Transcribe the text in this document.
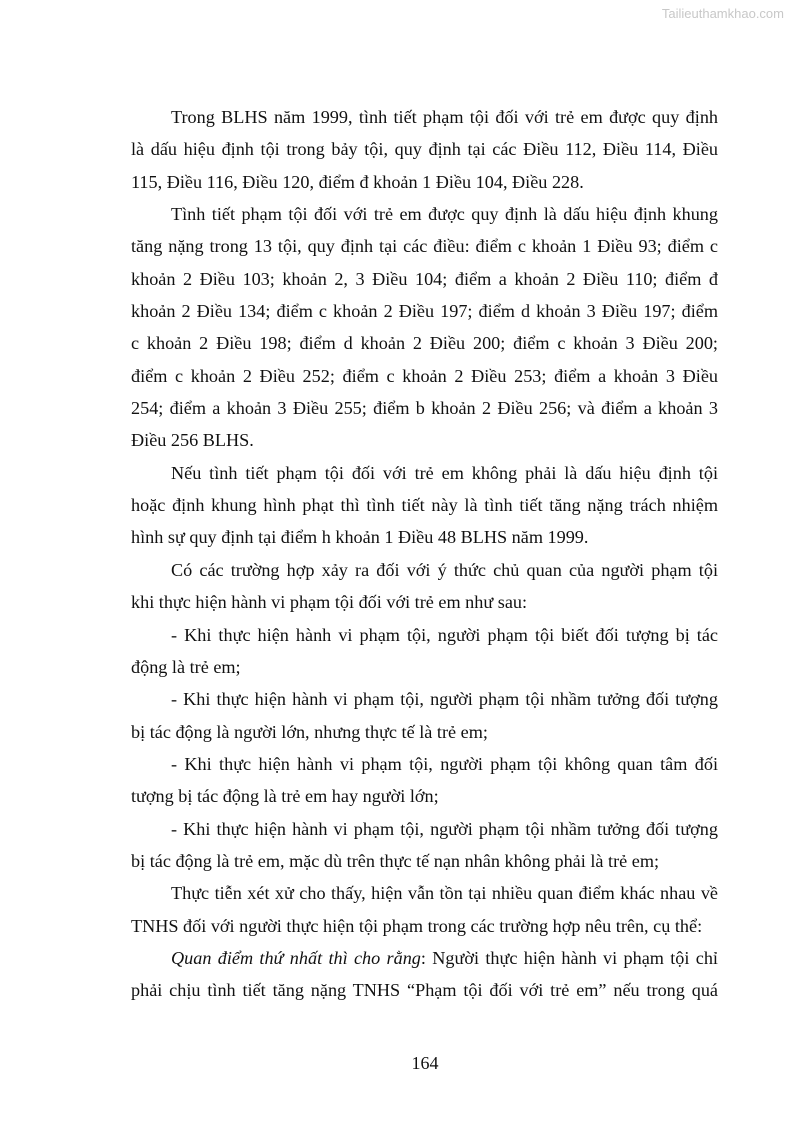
Tailieuthamkhao.com
Trong BLHS năm 1999, tình tiết phạm tội đối với trẻ em được quy định
là dấu hiệu định tội trong bảy tội, quy định tại các Điều 112, Điều 114, Điều
115, Điều 116, Điều 120, điểm đ khoản 1 Điều 104, Điều 228.
Tình tiết phạm tội đối với trẻ em được quy định là dấu hiệu định khung
tăng nặng trong 13 tội, quy định tại các điều: điểm c khoản 1 Điều 93; điểm c
khoản 2 Điều 103; khoản 2, 3 Điều 104; điểm a khoản 2 Điều 110; điểm đ
khoản 2 Điều 134; điểm c khoản 2 Điều 197; điểm d khoản 3 Điều 197; điểm
c khoản 2 Điều 198; điểm d khoản 2 Điều 200; điểm c khoản 3 Điều 200;
điểm c khoản 2 Điều 252; điểm c khoản 2 Điều 253; điểm a khoản 3 Điều
254; điểm a khoản 3 Điều 255; điểm b khoản 2 Điều 256; và điểm a khoản 3
Điều 256 BLHS.
Nếu tình tiết phạm tội đối với trẻ em không phải là dấu hiệu định tội
hoặc định khung hình phạt thì tình tiết này là tình tiết tăng nặng trách nhiệm
hình sự quy định tại điểm h khoản 1 Điều 48 BLHS năm 1999.
Có các trường hợp xảy ra đối với ý thức chủ quan của người phạm tội
khi thực hiện hành vi phạm tội đối với trẻ em như sau:
- Khi thực hiện hành vi phạm tội, người phạm tội biết đối tượng bị tác
động là trẻ em;
- Khi thực hiện hành vi phạm tội, người phạm tội nhầm tưởng đối tượng
bị tác động là người lớn, nhưng thực tế là trẻ em;
- Khi thực hiện hành vi phạm tội, người phạm tội không quan tâm đối
tượng bị tác động là trẻ em hay người lớn;
- Khi thực hiện hành vi phạm tội, người phạm tội nhầm tưởng đối tượng
bị tác động là trẻ em, mặc dù trên thực tế nạn nhân không phải là trẻ em;
Thực tiễn xét xử cho thấy, hiện vẫn tồn tại nhiều quan điểm khác nhau về
TNHS đối với người thực hiện tội phạm trong các trường hợp nêu trên, cụ thể:
Quan điểm thứ nhất thì cho rằng: Người thực hiện hành vi phạm tội chỉ
phải chịu tình tiết tăng nặng TNHS “Phạm tội đối với trẻ em” nếu trong quá
164
